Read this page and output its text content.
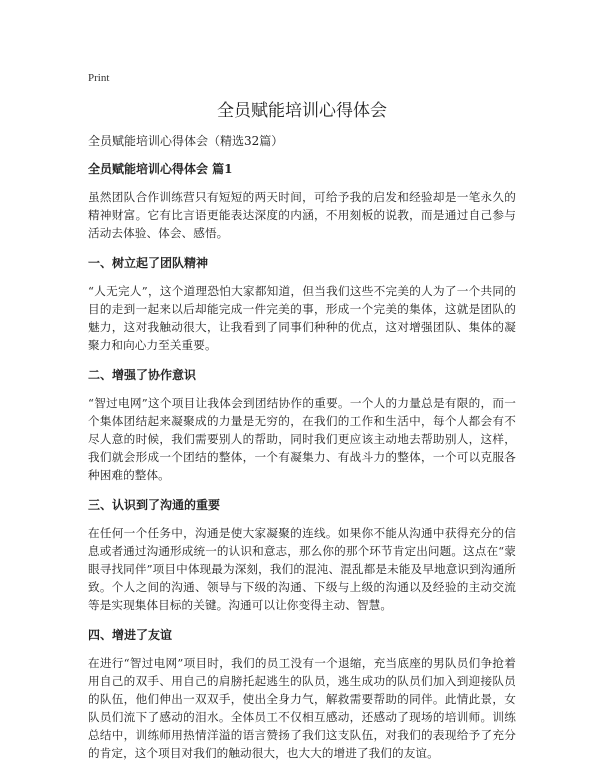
Print
全员赋能培训心得体会

全员赋能培训心得体会（精选32篇）

全员赋能培训心得体会 篇1

虽然团队合作训练营只有短短的两天时间，可给予我的启发和经验却是一笔永久的精神财富。它有比言语更能表达深度的内涵，不用刻板的说教，而是通过自己参与活动去体验、体会、感悟。

一、树立起了团队精神

“人无完人”，这个道理恐怕大家都知道，但当我们这些不完美的人为了一个共同的目的走到一起来以后却能完成一件完美的事，形成一个完美的集体，这就是团队的魅力，这对我触动很大，让我看到了同事们种种的优点，这对增强团队、集体的凝聚力和向心力至关重要。

二、增强了协作意识

“智过电网”这个项目让我体会到团结协作的重要。一个人的力量总是有限的，而一个集体团结起来凝聚成的力量是无穷的，在我们的工作和生活中，每个人都会有不尽人意的时候，我们需要别人的帮助，同时我们更应该主动地去帮助别人，这样，我们就会形成一个团结的整体，一个有凝集力、有战斗力的整体，一个可以克服各种困难的整体。

三、认识到了沟通的重要

在任何一个任务中，沟通是使大家凝聚的连线。如果你不能从沟通中获得充分的信息或者通过沟通形成统一的认识和意志，那么你的那个环节肯定出问题。这点在“蒙眼寻找同伴”项目中体现最为深刻，我们的混沌、混乱都是未能及早地意识到沟通所致。个人之间的沟通、领导与下级的沟通、下级与上级的沟通以及经验的主动交流等是实现集体目标的关键。沟通可以让你变得主动、智慧。

四、增进了友谊

在进行“智过电网”项目时，我们的员工没有一个退缩，充当底座的男队员们争抢着用自己的双手、用自己的肩膀托起逃生的队员，逃生成功的队员们加入到迎接队员的队伍，他们伸出一双双手，使出全身力气，解救需要帮助的同伴。此情此景，女队员们流下了感动的泪水。全体员工不仅相互感动，还感动了现场的培训师。训练总结中，训练师用热情洋溢的语言赞扬了我们这支队伍，对我们的表现给予了充分的肯定，这个项目对我们的触动很大，也大大的增进了我们的友谊。
